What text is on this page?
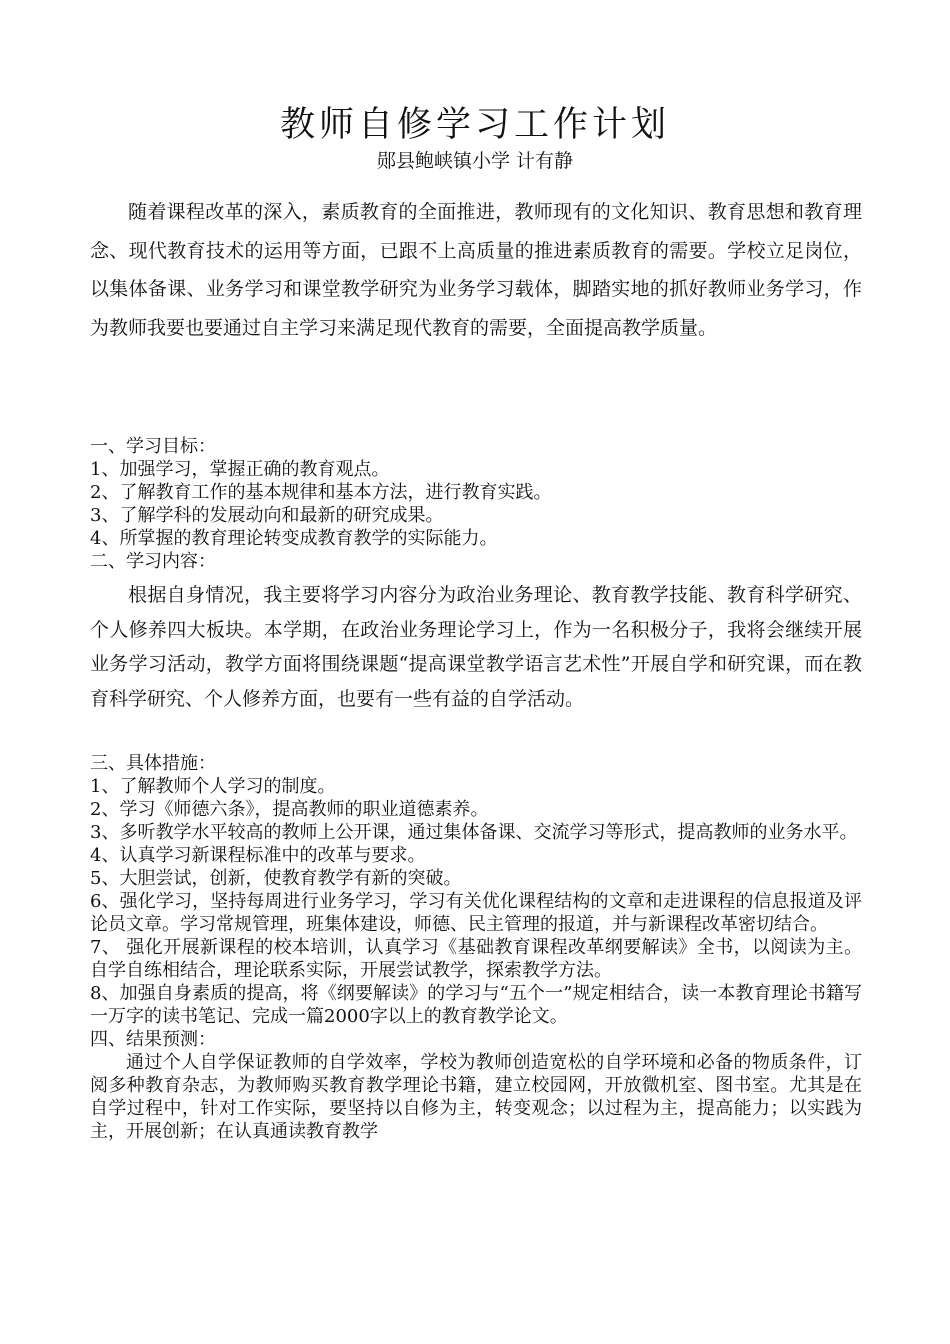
教师自修学习工作计划
郧县鲍峡镇小学 计有静

随着课程改革的深入，素质教育的全面推进，教师现有的文化知识、教育思想和教育理念、现代教育技术的运用等方面，已跟不上高质量的推进素质教育的需要。学校立足岗位，以集体备课、业务学习和课堂教学研究为业务学习载体，脚踏实地的抓好教师业务学习，作为教师我要也要通过自主学习来满足现代教育的需要，全面提高教学质量。

一、学习目标：

1、加强学习，掌握正确的教育观点。

2、了解教育工作的基本规律和基本方法，进行教育实践。

3、了解学科的发展动向和最新的研究成果。

4、所掌握的教育理论转变成教育教学的实际能力。

二、学习内容：

根据自身情况，我主要将学习内容分为政治业务理论、教育教学技能、教育科学研究、个人修养四大板块。本学期，在政治业务理论学习上，作为一名积极分子，我将会继续开展业务学习活动，教学方面将围绕课题“提高课堂教学语言艺术性”开展自学和研究课，而在教育科学研究、个人修养方面，也要有一些有益的自学活动。

三、具体措施：

1、了解教师个人学习的制度。

2、学习《师德六条》，提高教师的职业道德素养。

3、多听教学水平较高的教师上公开课，通过集体备课、交流学习等形式，提高教师的业务水平。

4、认真学习新课程标准中的改革与要求。

5、大胆尝试，创新，使教育教学有新的突破。

6、强化学习，坚持每周进行业务学习，学习有关优化课程结构的文章和走进课程的信息报道及评论员文章。学习常规管理，班集体建设，师德、民主管理的报道，并与新课程改革密切结合。

7、 强化开展新课程的校本培训，认真学习《基础教育课程改革纲要解读》全书，以阅读为主。自学自练相结合，理论联系实际，开展尝试教学，探索教学方法。

8、加强自身素质的提高，将《纲要解读》的学习与“五个一”规定相结合，读一本教育理论书籍写一万字的读书笔记、完成一篇2000字以上的教育教学论文。

四、结果预测：

通过个人自学保证教师的自学效率，学校为教师创造宽松的自学环境和必备的物质条件，订阅多种教育杂志，为教师购买教育教学理论书籍，建立校园网，开放微机室、图书室。尤其是在自学过程中，针对工作实际，要坚持以自修为主，转变观念；以过程为主，提高能力；以实践为主，开展创新；在认真通读教育教学
